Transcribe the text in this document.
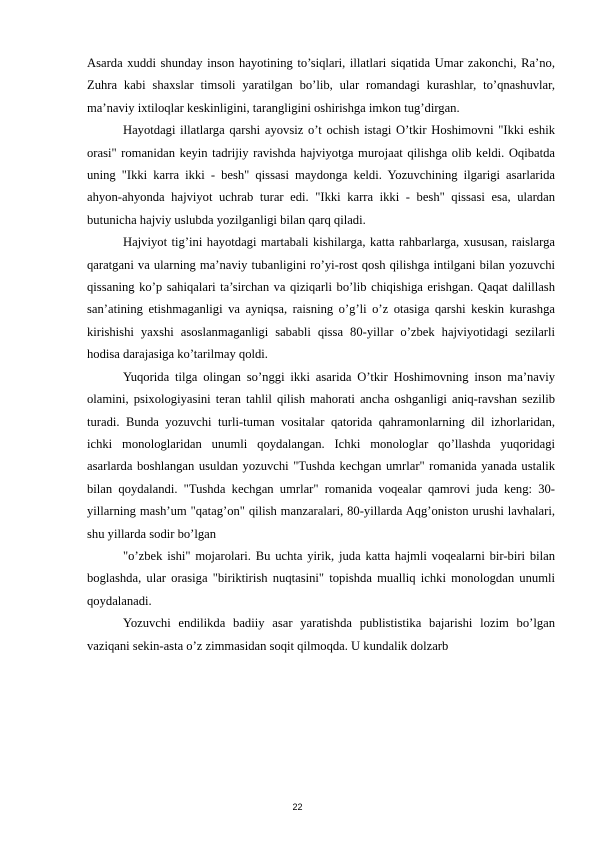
Asarda xuddi shunday inson hayotining to’siqlari, illatlari siqatida Umar zakonchi, Ra’no, Zuhra kabi shaxslar timsoli yaratilgan bo’lib, ular romandagi kurashlar, to’qnashuvlar, ma’naviy ixtiloqlar keskinligini, tarangligini oshirishga imkon tug’dirgan.

Hayotdagi illatlarga qarshi ayovsiz o’t ochish istagi O’tkir Hoshimovni "Ikki eshik orasi" romanidan keyin tadrijiy ravishda hajviyotga murojaat qilishga olib keldi. Oqibatda uning "Ikki karra ikki - besh" qissasi maydonga keldi. Yozuvchining ilgarigi asarlarida ahyon-ahyonda hajviyot uchrab turar edi. "Ikki karra ikki - besh" qissasi esa, ulardan butunicha hajviy uslubda yozilganligi bilan qarq qiladi.

Hajviyot tig’ini hayotdagi martabali kishilarga, katta rahbarlarga, xususan, raislarga qaratgani va ularning ma’naviy tubanligini ro’yi-rost qosh qilishga intilgani bilan yozuvchi qissaning ko’p sahiqalari ta’sirchan va qiziqarli bo’lib chiqishiga erishgan. Qaqat dalillash san’atining etishmaganligi va ayniqsa, raisning o’g’li o’z otasiga qarshi keskin kurashga kirishishi yaxshi asoslanmaganligi sababli qissa 80-yillar o’zbek hajviyotidagi sezilarli hodisa darajasiga ko’tarilmay qoldi.

Yuqorida tilga olingan so’nggi ikki asarida O’tkir Hoshimovning inson ma’naviy olamini, psixologiyasini teran tahlil qilish mahorati ancha oshganligi aniq-ravshan sezilib turadi. Bunda yozuvchi turli-tuman vositalar qatorida qahramonlarning dil izhorlaridan, ichki monologlaridan unumli qoydalangan. Ichki monologlar qo’llashda yuqoridagi asarlarda boshlangan usuldan yozuvchi "Tushda kechgan umrlar" romanida yanada ustalik bilan qoydalandi. "Tushda kechgan umrlar" romanida voqealar qamrovi juda keng: 30-yillarning mash’um "qatag’on" qilish manzaralari, 80-yillarda Aqg’oniston urushi lavhalari, shu yillarda sodir bo’lgan

"o’zbek ishi" mojarolari. Bu uchta yirik, juda katta hajmli voqealarni bir-biri bilan boglashda, ular orasiga "biriktirish nuqtasini" topishda mualliq ichki monologdan unumli qoydalanadi.

Yozuvchi endilikda badiiy asar yaratishda publististika bajarishi lozim bo’lgan vaziqani sekin-asta o’z zimmasidan soqit qilmoqda. U kundalik dolzarb

22
